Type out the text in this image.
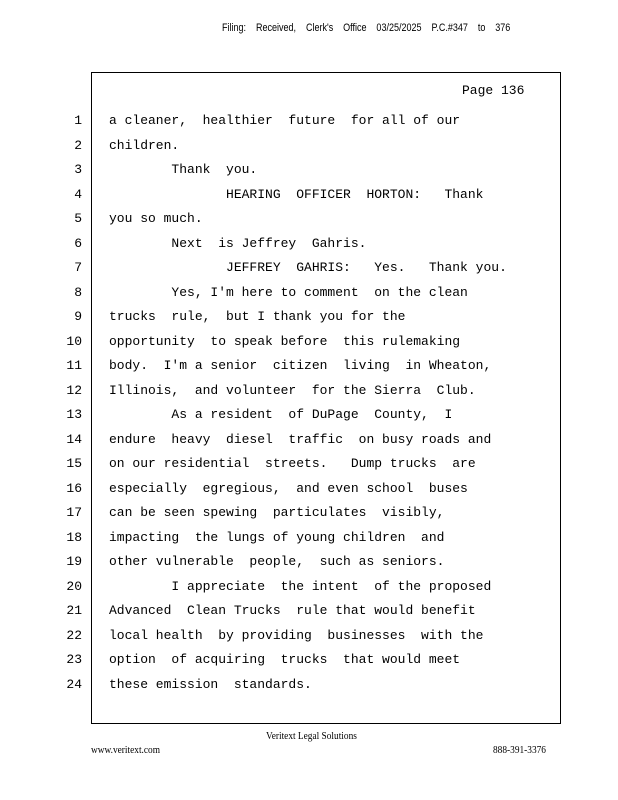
Filing: Received, Clerk's Office 03/25/2025 P.C.#347 to 376
Page 136
1
2
3
4
5
6
7
8
9
10
11
12
13
14
15
16
17
18
19
20
21
22
23
24
a cleaner,  healthier  future  for all of our
children.
Thank  you.
HEARING  OFFICER  HORTON:   Thank
you so much.
Next  is Jeffrey  Gahris.
JEFFREY  GAHRIS:   Yes.   Thank you.
Yes, I'm here to comment  on the clean
trucks  rule,  but I thank you for the
opportunity  to speak before  this rulemaking
body.  I'm a senior  citizen  living  in Wheaton,
Illinois,  and volunteer  for the Sierra  Club.
As a resident  of DuPage  County,  I
endure  heavy  diesel  traffic  on busy roads and
on our residential  streets.   Dump trucks  are
especially  egregious,  and even school  buses
can be seen spewing  particulates  visibly,
impacting  the lungs of young children  and
other vulnerable  people,  such as seniors.
I appreciate  the intent  of the proposed
Advanced  Clean Trucks  rule that would benefit
local health  by providing  businesses  with the
option  of acquiring  trucks  that would meet
these emission  standards.
Veritext Legal Solutions
www.veritext.com	888-391-3376
